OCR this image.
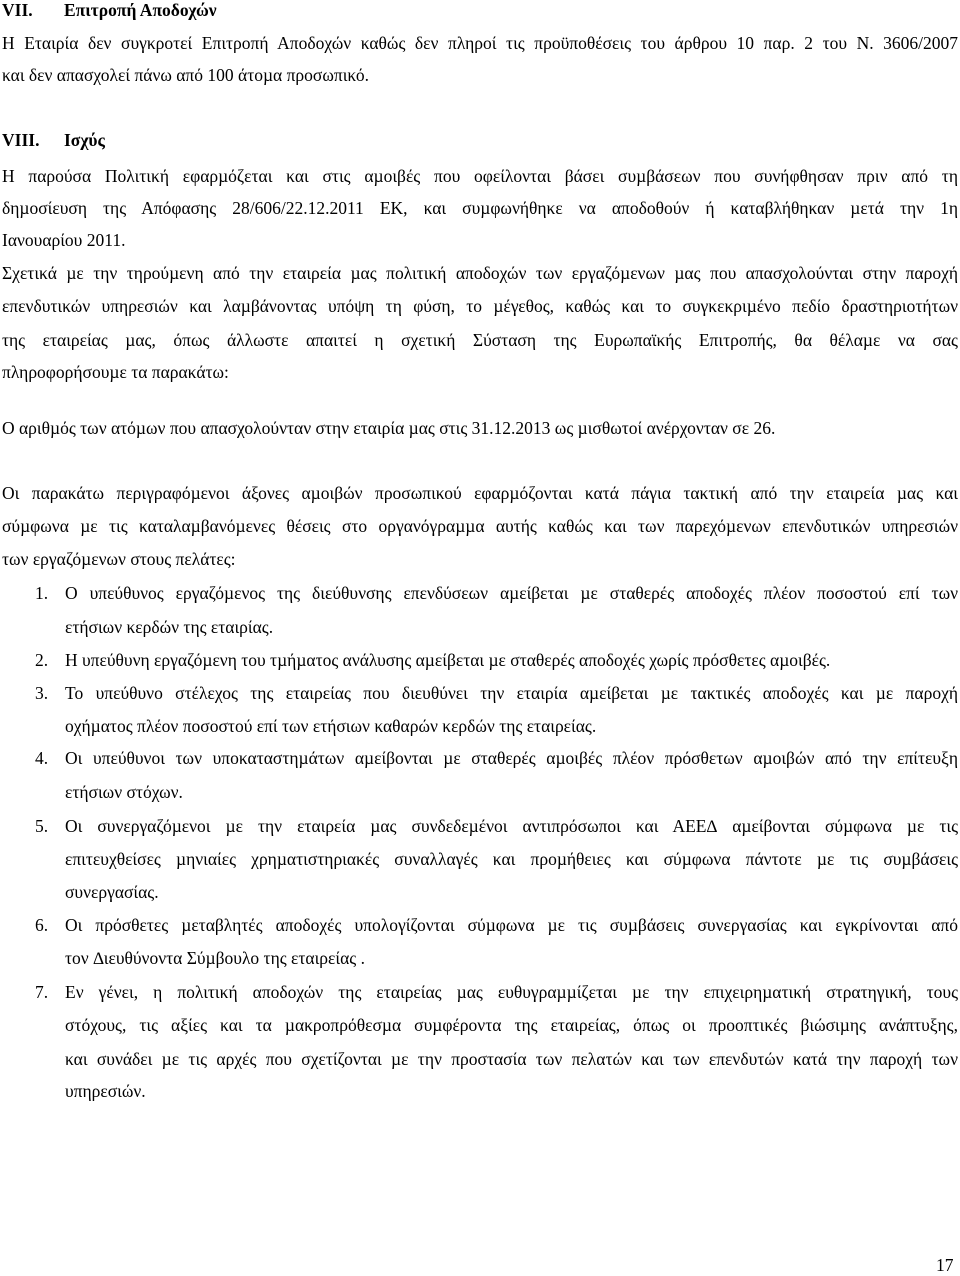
VII.	Επιτροπή Αποδοχών
Η Εταιρία δεν συγκροτεί Επιτροπή Αποδοχών καθώς δεν πληροί τις προϋποθέσεις του άρθρου 10 παρ. 2 του Ν. 3606/2007
και δεν απασχολεί πάνω από 100 άτοµα προσωπικό.
VIII.	Ισχύς
Η παρούσα Πολιτική εφαρµόζεται και στις αµοιβές που οφείλονται βάσει συµβάσεων που συνήφθησαν πριν από τη
δηµοσίευση της Απόφασης 28/606/22.12.2011 ΕΚ, και συµφωνήθηκε να αποδοθούν ή καταβλήθηκαν µετά την 1η
Ιανουαρίου 2011.
Σχετικά µε την τηρούµενη από την εταιρεία µας πολιτική αποδοχών των εργαζόµενων µας που απασχολούνται στην παροχή
επενδυτικών υπηρεσιών και λαµβάνοντας υπόψη τη φύση, το µέγεθος, καθώς και το συγκεκριµένο πεδίο δραστηριοτήτων
της εταιρείας µας, όπως άλλωστε απαιτεί η σχετική Σύσταση της Ευρωπαϊκής Επιτροπής, θα θέλαµε να σας
πληροφορήσουµε τα παρακάτω:
Ο αριθµός των ατόµων που απασχολούνταν στην εταιρία µας στις 31.12.2013 ως µισθωτοί ανέρχονταν σε 26.
Οι παρακάτω περιγραφόµενοι άξονες αµοιβών προσωπικού εφαρµόζονται κατά πάγια τακτική από την εταιρεία µας και
σύµφωνα µε τις καταλαµβανόµενες θέσεις στο οργανόγραµµα αυτής καθώς και των παρεχόµενων επενδυτικών υπηρεσιών
των εργαζόµενων στους πελάτες:
1. Ο υπεύθυνος εργαζόµενος της διεύθυνσης επενδύσεων αµείβεται µε σταθερές αποδοχές πλέον ποσοστού επί των
ετήσιων κερδών της εταιρίας.
2. Η υπεύθυνη εργαζόµενη του τµήµατος ανάλυσης αµείβεται µε σταθερές αποδοχές χωρίς πρόσθετες αµοιβές.
3. Το υπεύθυνο στέλεχος της εταιρείας που διευθύνει την εταιρία αµείβεται µε τακτικές αποδοχές και µε παροχή
οχήµατος πλέον ποσοστού επί των ετήσιων καθαρών κερδών της εταιρείας.
4. Οι υπεύθυνοι των υποκαταστηµάτων αµείβονται µε σταθερές αµοιβές πλέον πρόσθετων αµοιβών από την επίτευξη
ετήσιων στόχων.
5. Οι συνεργαζόµενοι µε την εταιρεία µας συνδεδεµένοι αντιπρόσωποι και ΑΕΕ∆ αµείβονται σύµφωνα µε τις
επιτευχθείσες µηνιαίες χρηµατιστηριακές συναλλαγές και προµήθειες και σύµφωνα πάντοτε µε τις συµβάσεις
συνεργασίας.
6. Οι πρόσθετες µεταβλητές αποδοχές υπολογίζονται σύµφωνα µε τις συµβάσεις συνεργασίας και εγκρίνονται από
τον ∆ιευθύνοντα Σύµβουλο της εταιρείας .
7. Εν γένει, η πολιτική αποδοχών της εταιρείας µας ευθυγραµµίζεται µε την επιχειρηµατική στρατηγική, τους
στόχους, τις αξίες και τα µακροπρόθεσµα συµφέροντα της εταιρείας, όπως οι προοπτικές βιώσιµης ανάπτυξης,
και συνάδει µε τις αρχές που σχετίζονται µε την προστασία των πελατών και των επενδυτών κατά την παροχή των
υπηρεσιών.
17
